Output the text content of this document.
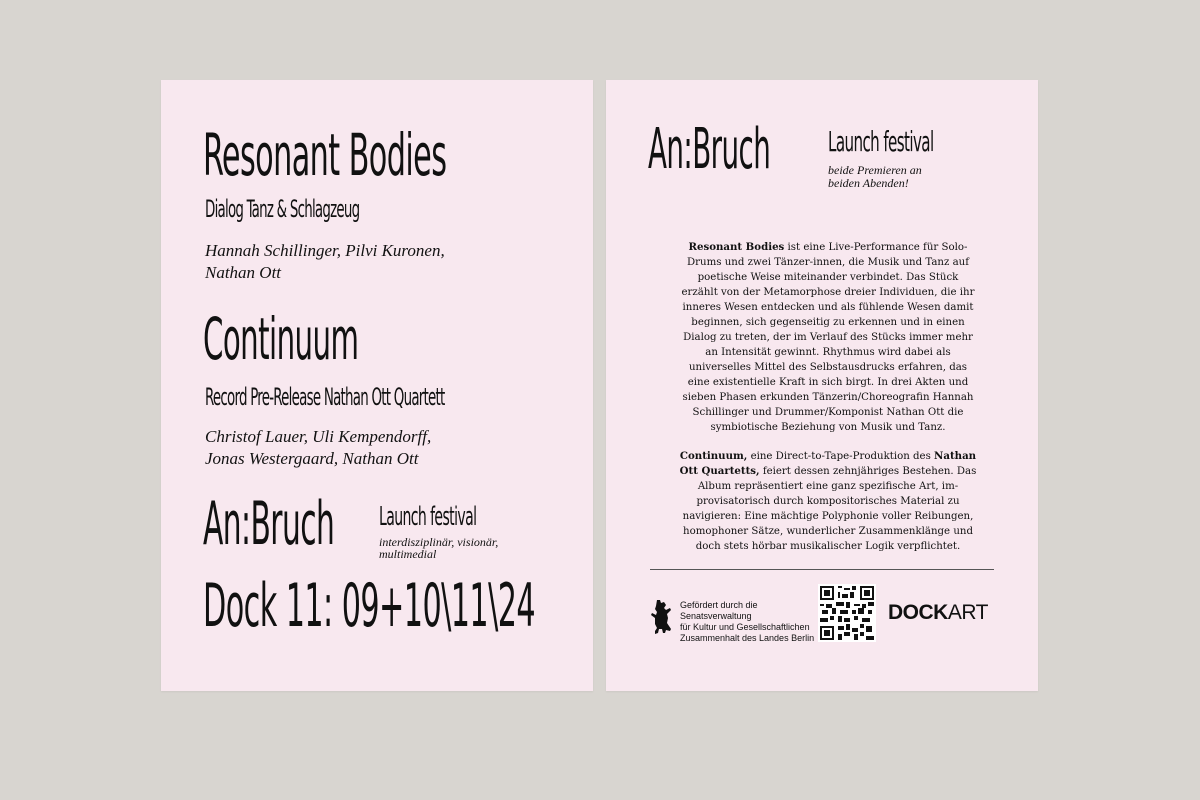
Resonant Bodies
Dialog Tanz & Schlagzeug
Hannah Schillinger, Pilvi Kuronen,
Nathan Ott
Continuum
Record Pre-Release Nathan Ott Quartett
Christof Lauer, Uli Kempendorff,
Jonas Westergaard, Nathan Ott
An:Bruch Launch festival
interdisziplinär, visionär, multimedial
Dock 11: 09+10\11\24
An:Bruch Launch festival
beide Premieren an beiden Abenden!

Resonant Bodies ist eine Live-Performance für Solo-Drums und zwei Tänzer-innen, die Musik und Tanz auf poetische Weise miteinander verbindet. Das Stück erzählt von der Metamorphose dreier Individuen, die ihr inneres Wesen entdecken und als fühlende Wesen damit beginnen, sich gegenseitig zu erkennen und in einen Dialog zu treten, der im Verlauf des Stücks immer mehr an Intensität gewinnt. Rhythmus wird dabei als universelles Mittel des Selbstausdrucks erfahren, das eine existentielle Kraft in sich birgt. In drei Akten und sieben Phasen erkunden Tänzerin/Choreografin Hannah Schillinger und Drummer/Komponist Nathan Ott die symbiotische Beziehung von Musik und Tanz.

Continuum, eine Direct-to-Tape-Produktion des Nathan Ott Quartetts, feiert dessen zehnjähriges Bestehen. Das Album repräsentiert eine ganz spezifische Art, im-provisatorisch durch kompositorisches Material zu navigieren: Eine mächtige Polyphonie voller Reibungen, homophoner Sätze, wunderlicher Zusammenklänge und doch stets hörbar musikalischer Logik verpflichtet.

Gefördert durch die Senatsverwaltung
für Kultur und Gesellschaftlichen
Zusammenhalt des Landes Berlin
DOCKART
